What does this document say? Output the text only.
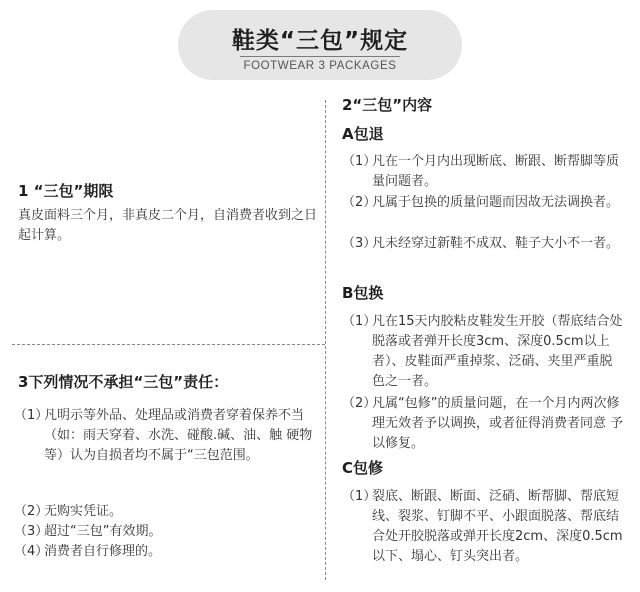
鞋类“三包”规定
FOOTWEAR 3 PACKAGES
1 “三包”期限
真皮面料三个月，非真皮二个月，自消费者收到之日起计算。
3下列情况不承担“三包”责任：
（1）
凡明示等外品、处理品或消费者穿着保养不当（如：雨天穿着、水洗、碰酸.碱、油、触 硬物等）认为自损者均不属于“三包范围。
（2）
无购实凭证。
（3）
超过“三包”有效期。
（4）
消费者自行修理的。
2“三包”内容
A包退
（1）
凡在一个月内出现断底、断跟、断帮脚等质量问题者。
（2）
凡属于包换的质量问题而因故无法调换者。
（3）
凡未经穿过新鞋不成双、鞋子大小不一者。
B包换
（1）
凡在15天内胶粘皮鞋发生开胶（帮底结合处脱落或者弹开长度3cm、深度0.5cm以上 者）、皮鞋面严重掉浆、泛硝、夹里严重脱 色之一者。
（2）
凡属“包修”的质量问题，在一个月内两次修理无效者予以调换，或者征得消费者同意 予以修复。
C包修
（1）
裂底、断跟、断面、泛硝、断帮脚、帮底短线、裂浆、钉脚不平、小跟面脱落、帮底结合处开胶脱落或弹开长度2cm、深度0.5cm以下、塌心、钉头突出者。
